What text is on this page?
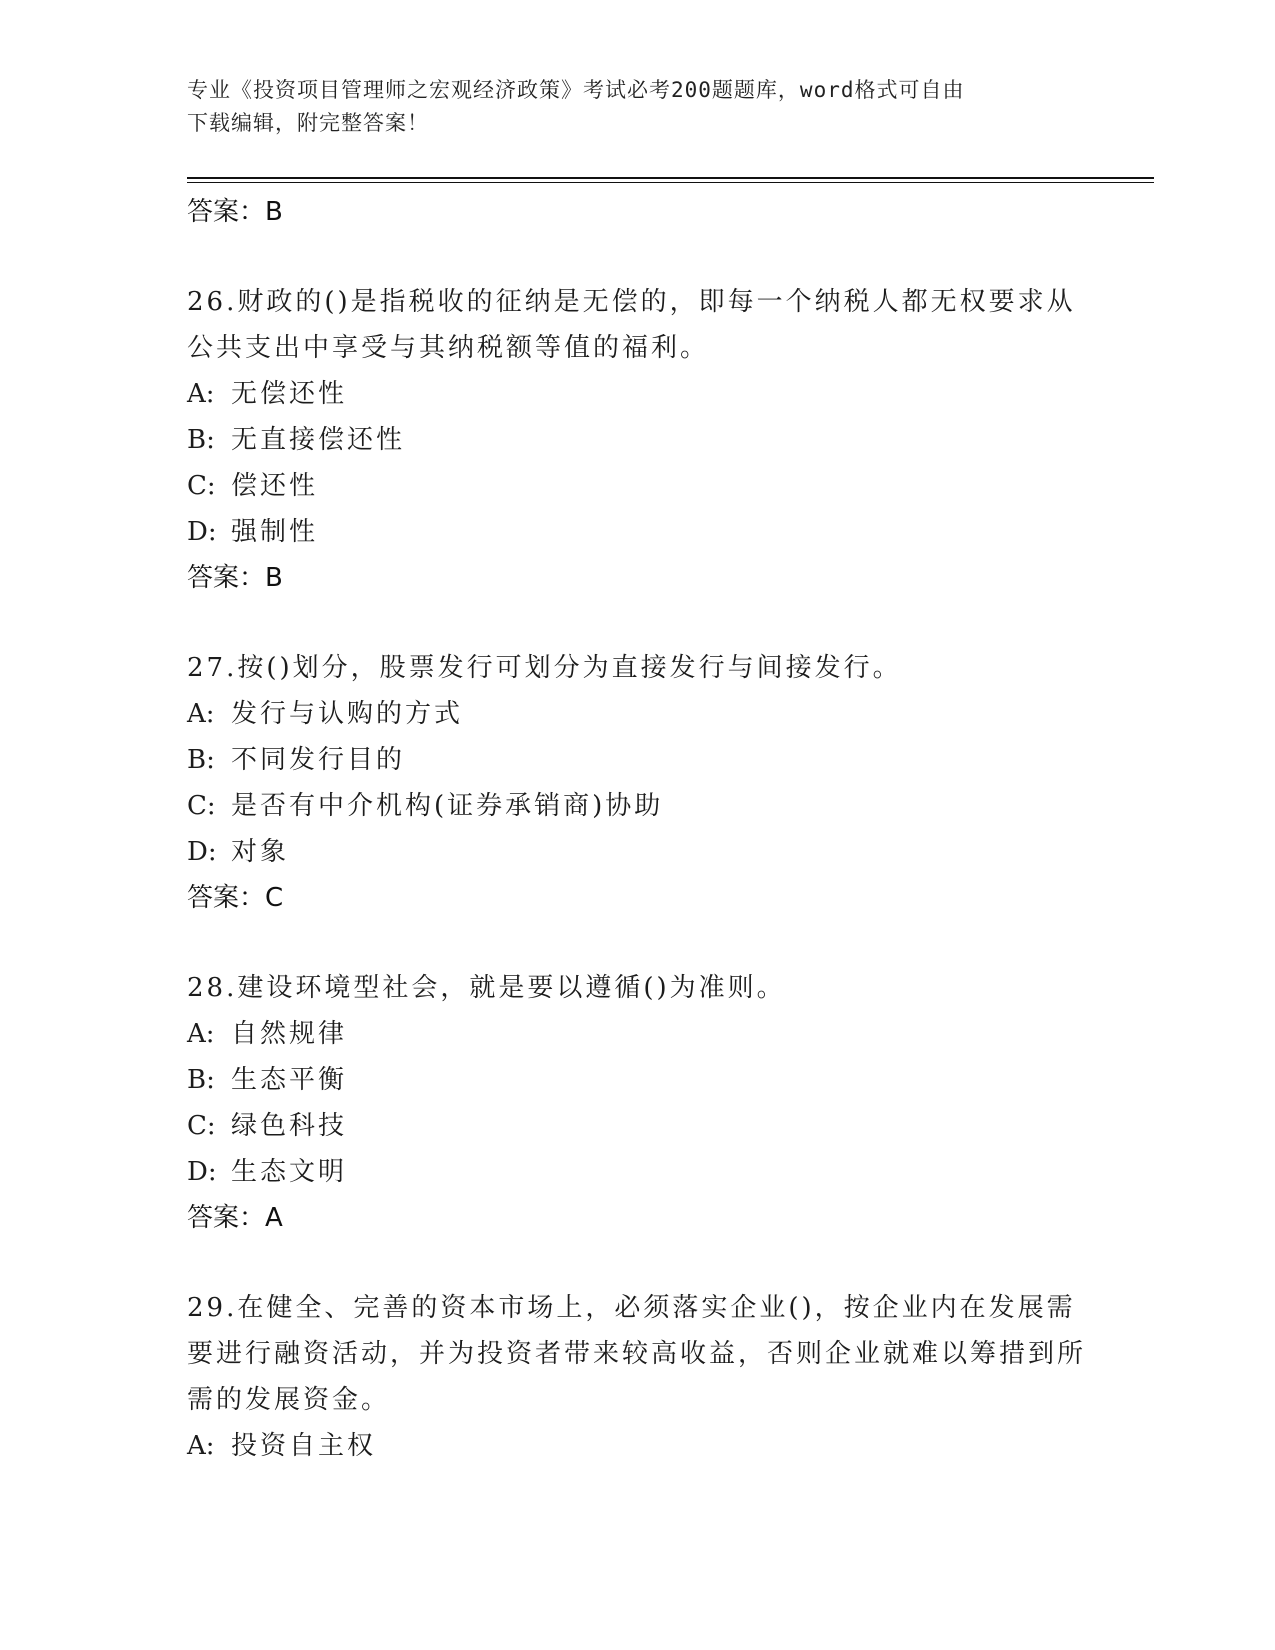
专业《投资项目管理师之宏观经济政策》考试必考200题题库，word格式可自由
下载编辑，附完整答案！
答案：B
26.财政的()是指税收的征纳是无偿的，即每一个纳税人都无权要求从公共支出中享受与其纳税额等值的福利。
A: 无偿还性
B: 无直接偿还性
C: 偿还性
D: 强制性
答案：B
27.按()划分，股票发行可划分为直接发行与间接发行。
A: 发行与认购的方式
B: 不同发行目的
C: 是否有中介机构(证券承销商)协助
D: 对象
答案：C
28.建设环境型社会，就是要以遵循()为准则。
A: 自然规律
B: 生态平衡
C: 绿色科技
D: 生态文明
答案：A
29.在健全、完善的资本市场上，必须落实企业()，按企业内在发展需要进行融资活动，并为投资者带来较高收益，否则企业就难以筹措到所需的发展资金。
A: 投资自主权
